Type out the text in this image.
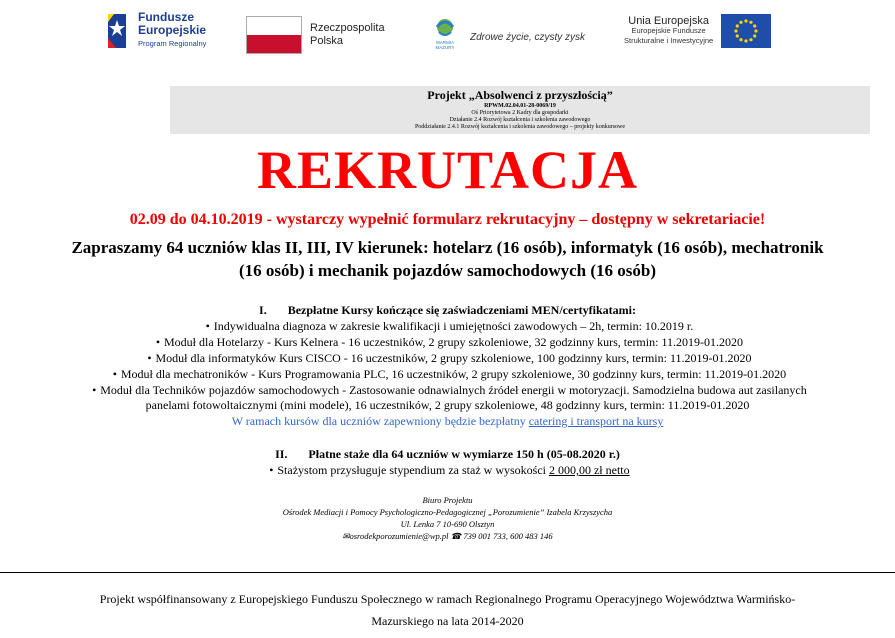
Fundusze
Europejskie
Program Regionalny
Rzeczpospolita
Polska	WARMIA MAZURY
Zdrowe życie, czysty zysk
Unia Europejska
Europejskie Fundusze
Strukturalne i Inwestycyjne
Projekt „Absolwenci z przyszłością”
RPWM.02.04.01-28-0069/19
Oś Priorytetowa 2 Kadry dla gospodarki
Działanie 2.4 Rozwój kształcenia i szkolenia zawodowego
Poddziałanie 2.4.1 Rozwój kształcenia i szkolenia zawodowego – projekty konkursowe
REKRUTACJA
02.09 do 04.10.2019 - wystarczy wypełnić formularz rekrutacyjny – dostępny w sekretariacie!
Zapraszamy 64 uczniów klas II, III, IV kierunek: hotelarz (16 osób), informatyk (16 osób), mechatronik
(16 osób) i mechanik pojazdów samochodowych (16 osób)
I. Bezpłatne Kursy kończące się zaświadczeniami MEN/certyfikatami:
• Indywidualna diagnoza w zakresie kwalifikacji i umiejętności zawodowych – 2h, termin: 10.2019 r.
• Moduł dla Hotelarzy - Kurs Kelnera - 16 uczestników, 2 grupy szkoleniowe, 32 godzinny kurs, termin: 11.2019-01.2020
• Moduł dla informatyków Kurs CISCO - 16 uczestników, 2 grupy szkoleniowe, 100 godzinny kurs, termin: 11.2019-01.2020
• Moduł dla mechatroników - Kurs Programowania PLC, 16 uczestników, 2 grupy szkoleniowe, 30 godzinny kurs, termin: 11.2019-01.2020
• Moduł dla Techników pojazdów samochodowych - Zastosowanie odnawialnych źródeł energii w motoryzacji. Samodzielna budowa aut zasilanych
panelami fotowoltaicznymi (mini modele), 16 uczestników, 2 grupy szkoleniowe, 48 godzinny kurs, termin: 11.2019-01.2020
W ramach kursów dla uczniów zapewniony będzie bezpłatny catering i transport na kursy
II. Płatne staże dla 64 uczniów w wymiarze 150 h (05-08.2020 r.)
• Stażystom przysługuje stypendium za staż w wysokości 2 000,00 zł netto
Biuro Projektu
Ośrodek Mediacji i Pomocy Psychologiczno-Pedagogicznej „Porozumienie” Izabela Krzyszycha
Ul. Lenka 7 10-690 Olsztyn
✉osrodekporozumienie@wp.pl ☎ 739 001 733, 600 483 146
Projekt współfinansowany z Europejskiego Funduszu Społecznego w ramach Regionalnego Programu Operacyjnego Województwa Warmińsko-
Mazurskiego na lata 2014-2020
